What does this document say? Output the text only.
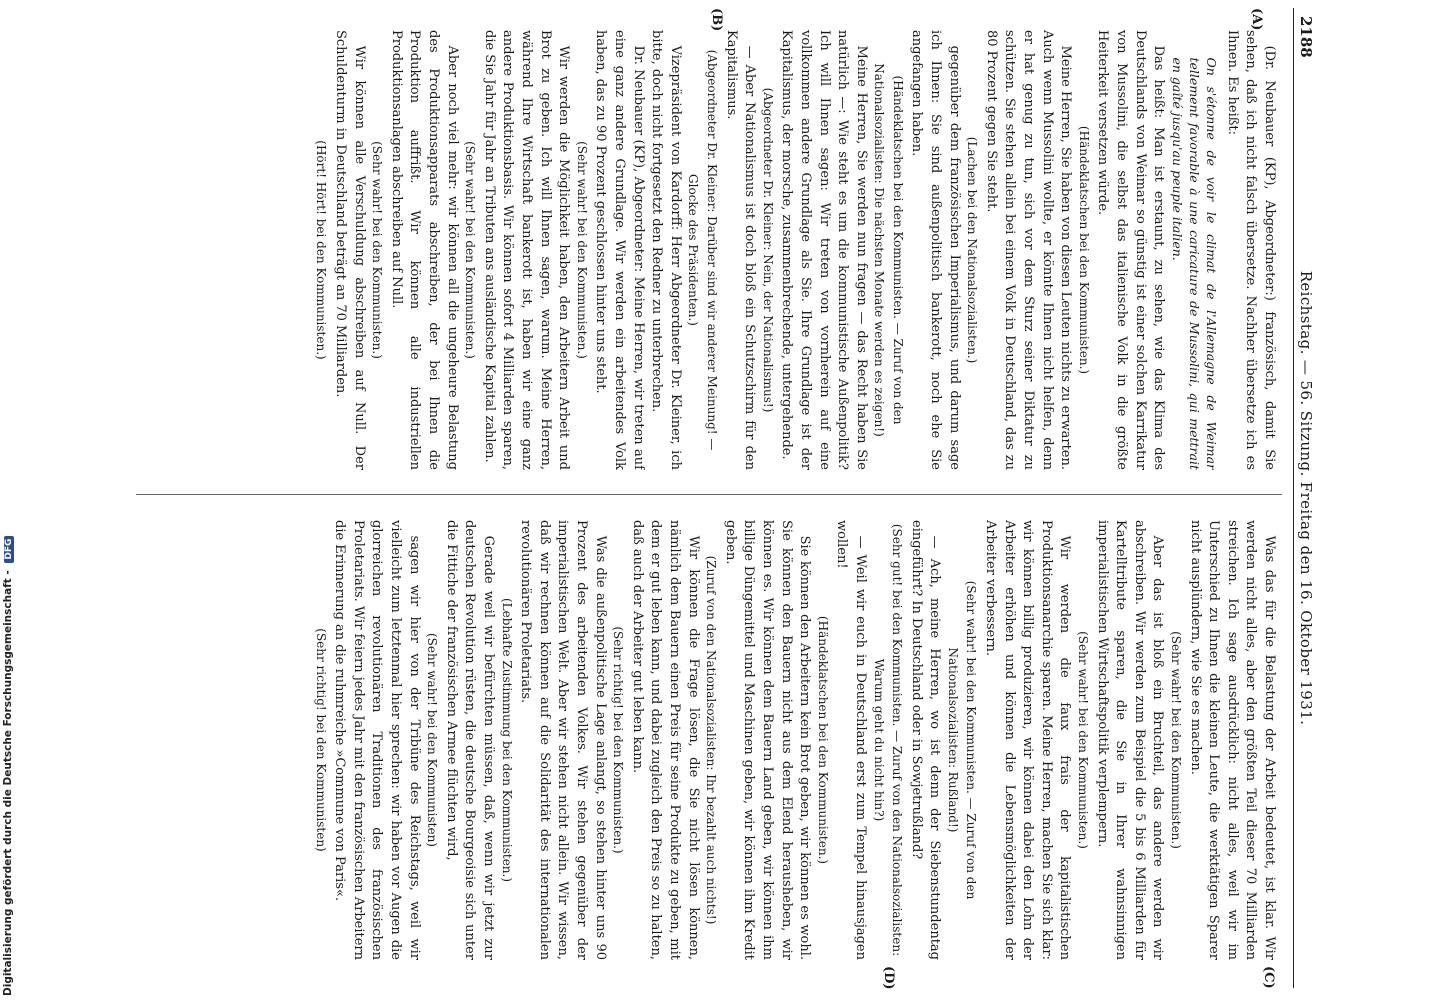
2188
Reichstag. — 56. Sitzung. Freitag den 16. Oktober 1931.
(A)
(B)

(Dr. Neubauer (KP), Abgeordneter:) französisch, damit Sie sehen, daß ich nicht falsch übersetze. Nachher übersetze ich es Ihnen. Es heißt:

On s'étonne de voir le climat de l'Allemagne de Weimar tellement favorable à une caricature de Mussolini, qui mettrait en gaîté jusqu'au peuple italien.

Das heißt: Man ist erstaunt, zu sehen, wie das Klima des Deutschlands von Weimar so günstig ist einer solchen Karrikatur von Mussolini, die selbst das italienische Volk in die größte Heiterkeit versetzen würde.

(Händeklatschen bei den Kommunisten.)

Meine Herren, Sie haben von diesen Leuten nichts zu erwarten. Auch wenn Mussolini wollte, er könnte Ihnen nicht helfen, denn er hat genug zu tun, sich vor dem Sturz seiner Diktatur zu schützen. Sie stehen allein bei einem Volk in Deutschland, das zu 80 Prozent gegen Sie steht.

(Lachen bei den Nationalsozialisten.)

gegenüber dem französischen Imperialismus, und darum sage ich Ihnen: Sie sind außenpolitisch bankerott, noch ehe Sie angefangen haben.

(Händeklatschen bei den Kommunisten. — Zuruf von den Nationalsozialisten: Die nächsten Monate werden es zeigen!)

Meine Herren, Sie werden nun fragen — das Recht haben Sie natürlich —: Wie steht es um die kommunistische Außenpolitik? Ich will Ihnen sagen: Wir treten von vornherein auf eine vollkommen andere Grundlage als Sie. Ihre Grundlage ist der Kapitalismus, der morsche, zusammenbrechende, untergehende.

(Abgeordneter Dr. Kleiner: Nein, der Nationalismus!)

— Aber Nationalismus ist doch bloß ein Schutzschirm für den Kapitalismus.

(Abgeordneter Dr. Kleiner: Darüber sind wir anderer Meinung! — Glocke des Präsidenten.)

Vizepräsident von Kardorff: Herr Abgeordneter Dr. Kleiner, ich bitte, doch nicht fortgesetzt den Redner zu unterbrechen.

Dr. Neubauer (KP), Abgeordneter: Meine Herren, wir treten auf eine ganz andere Grundlage. Wir werden ein arbeitendes Volk haben, das zu 90 Prozent geschlossen hinter uns steht.

(Sehr wahr! bei den Kommunisten.)

Wir werden die Möglichkeit haben, den Arbeitern Arbeit und Brot zu geben. Ich will Ihnen sagen, warum. Meine Herren, während Ihre Wirtschaft bankerott ist, haben wir eine ganz andere Produktionsbasis. Wir können sofort 4 Milliarden sparen, die Sie Jahr für Jahr an Tributen ans ausländische Kapital zahlen.

(Sehr wahr! bei den Kommunisten.)

Aber noch viel mehr: wir können all die ungeheure Belastung des Produktionsapparats abschreiben, der bei Ihnen die Produktion auffrißt. Wir können alle industriellen Produktionsanlagen abschreiben auf Null.

(Sehr wahr! bei den Kommunisten.)

Wir können alle Verschuldung abschreiben auf Null. Der Schuldenturm in Deutschland beträgt an 70 Milliarden.

(Hört! Hört! bei den Kommunisten.)

Was das für die Belastung der Arbeit bedeutet, ist klar. Wir werden nicht alles, aber den größten Teil dieser 70 Milliarden streichen. Ich sage ausdrücklich: nicht alles, weil wir im Unterschied zu Ihnen die kleinen Leute, die werktätigen Sparer nicht ausplündern, wie Sie es machen.

(Sehr wahr! bei den Kommunisten.)

Aber das ist bloß ein Bruchteil, das andere werden wir abschreiben. Wir werden zum Beispiel die 5 bis 6 Milliarden für Kartelltribute sparen, die Sie in Ihrer wahnsinnigen imperialistischen Wirtschaftspolitik verplempern.

(Sehr wahr! bei den Kommunisten.)

Wir werden die faux frais der kapitalistischen Produktionsanarchie sparen. Meine Herren, machen Sie sich klar: wir können billig produzieren, wir können dabei den Lohn der Arbeiter erhöhen und können die Lebensmöglichkeiten der Arbeiter verbessern.

(Sehr wahr! bei den Kommunisten. — Zuruf von den Nationalsozialisten: Rußland!)

— Ach, meine Herren, wo ist denn der Siebenstundentag eingeführt? In Deutschland oder in Sowjetrußland?

(Sehr gut! bei den Kommunisten. — Zuruf von den Nationalsozialisten: Warum geht du nicht hin?)

— Weil wir euch in Deutschland erst zum Tempel hinausjagen wollen!

(Händeklatschen bei den Kommunisten.)

Sie können den Arbeitern kein Brot geben, wir können es wohl. Sie können den Bauern nicht aus dem Elend herausheben, wir können es. Wir können dem Bauern Land geben, wir können ihm billige Düngemittel und Maschinen geben, wir können ihm Kredit geben.

(Zuruf von den Nationalsozialisten: Ihr bezahlt auch nichts!)

Wir können die Frage lösen, die Sie nicht lösen können, nämlich dem Bauern einen Preis für seine Produkte zu geben, mit dem er gut leben kann, und dabei zugleich den Preis so zu halten, daß auch der Arbeiter gut leben kann.

(Sehr richtig! bei den Kommunisten.)

Was die außenpolitische Lage anlangt, so stehen hinter uns 90 Prozent des arbeitenden Volkes. Wir stehen gegenüber der imperialistischen Welt. Aber wir stehen nicht allein. Wir wissen, daß wir rechnen können auf die Solidarität des internationalen revolutionären Proletariats.

(Lebhafte Zustimmung bei den Kommunisten.)

Gerade weil wir befürchten müssen, daß, wenn wir jetzt zur deutschen Revolution rüsten, die deutsche Bourgeoisie sich unter die Fittiche der französischen Armee flüchten wird,

(Sehr wahr! bei den Kommunisten)

sagen wir hier von der Tribüne des Reichstags, weil wir vielleicht zum letztenmal hier sprechen: wir haben vor Augen die glorreichen revolutionären Traditionen des französischen Proletariats. Wir feiern jedes Jahr mit den französischen Arbeitern die Erinnerung an die ruhmreiche »Commune von Paris«.

(Sehr richtig! bei den Kommunisten)

(C)
(D)
Digitalisierung gefördert durch die Deutsche Forschungsgemeinschaft - DFG
